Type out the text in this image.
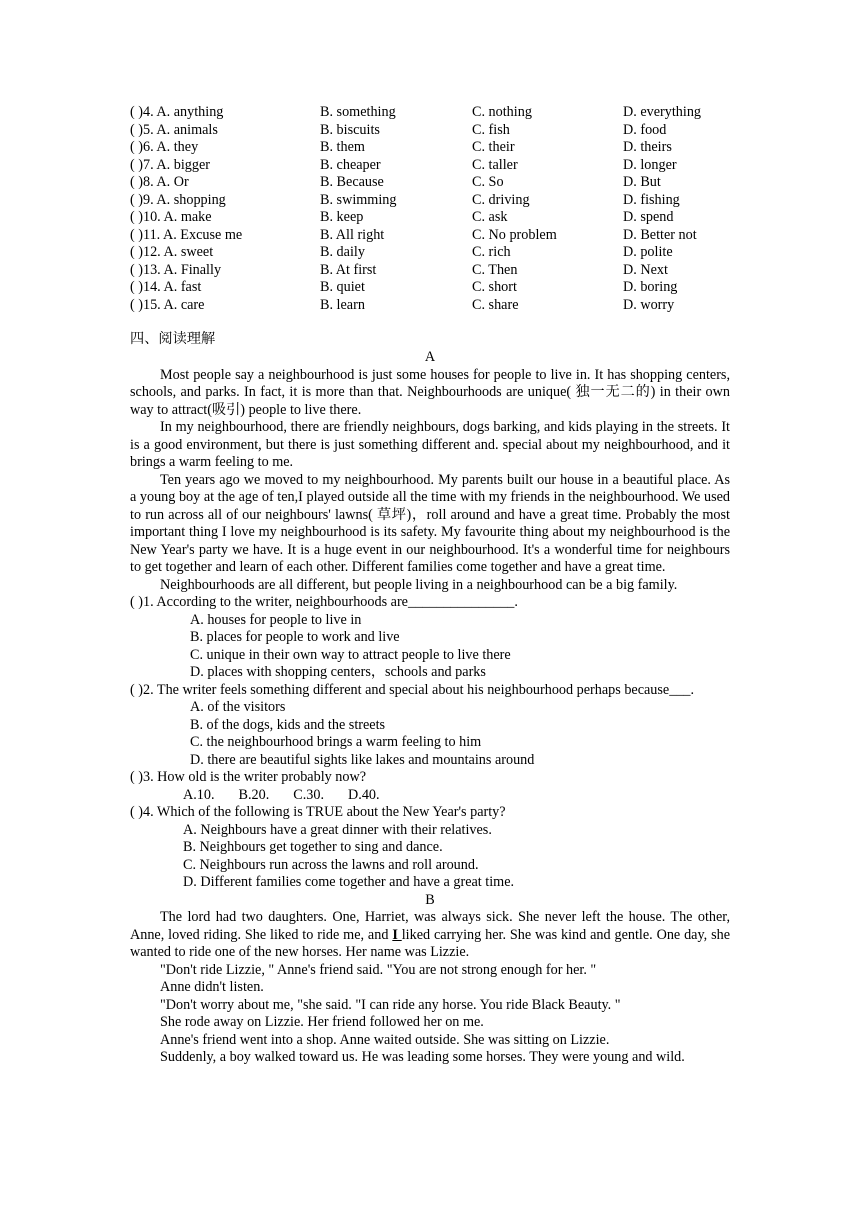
( )4. A. anything	B. something	C. nothing	D. everything
( )5. A. animals	B. biscuits	C. fish	D. food
( )6. A. they	B. them	C. their	D. theirs
( )7. A. bigger	B. cheaper	C. taller	D. longer
( )8. A. Or	B. Because	C. So	D. But
( )9. A. shopping	B. swimming	C. driving	D. fishing
( )10. A. make	B. keep	C. ask	D. spend
( )11. A. Excuse me	B. All right	C. No problem	D. Better not
( )12. A. sweet	B. daily	C. rich	D. polite
( )13. A. Finally	B. At first	C. Then	D. Next
( )14. A. fast	B. quiet	C. short	D. boring
( )15. A. care	B. learn	C. share	D. worry
四、阅读理解
A

Most people say a neighbourhood is just some houses for people to live in. It has shopping centers, schools, and parks. In fact, it is more than that. Neighbourhoods are unique( 独一无二的) in their own way to attract(吸引) people to live there.

In my neighbourhood, there are friendly neighbours, dogs barking, and kids playing in the streets. It is a good environment, but there is just something different and. special about my neighbourhood, and it brings a warm feeling to me.

Ten years ago we moved to my neighbourhood. My parents built our house in a beautiful place. As a young boy at the age of ten,I played outside all the time with my friends in the neighbourhood. We used to run across all of our neighbours' lawns( 草坪)，roll around and have a great time. Probably the most important thing I love my neighbourhood is its safety. My favourite thing about my neighbourhood is the New Year's party we have. It is a huge event in our neighbourhood. It's a wonderful time for neighbours to get together and learn of each other. Different families come together and have a great time.

Neighbourhoods are all different, but people living in a neighbourhood can be a big family.

( )1. According to the writer, neighbourhoods are_______________.

A. houses for people to live in

B. places for people to work and live

C. unique in their own way to attract people to live there

D. places with shopping centers，schools and parks

( )2. The writer feels something different and special about his neighbourhood perhaps because___.

A. of the visitors

B. of the dogs, kids and the streets

C. the neighbourhood brings a warm feeling to him

D. there are beautiful sights like lakes and mountains around

( )3. How old is the writer probably now?

A.10. B.20. C.30. D.40.

( )4. Which of the following is TRUE about the New Year's party?

A. Neighbours have a great dinner with their relatives.

B. Neighbours get together to sing and dance.

C. Neighbours run across the lawns and roll around.

D. Different families come together and have a great time.

B

The lord had two daughters. One, Harriet, was always sick. She never left the house. The other, Anne, loved riding. She liked to ride me, and I liked carrying her. She was kind and gentle. One day, she wanted to ride one of the new horses. Her name was Lizzie.

"Don't ride Lizzie, " Anne's friend said. "You are not strong enough for her. "

Anne didn't listen.

"Don't worry about me, "she said. "I can ride any horse. You ride Black Beauty. "

She rode away on Lizzie. Her friend followed her on me.

Anne's friend went into a shop. Anne waited outside. She was sitting on Lizzie.

Suddenly, a boy walked toward us. He was leading some horses. They were young and wild.
